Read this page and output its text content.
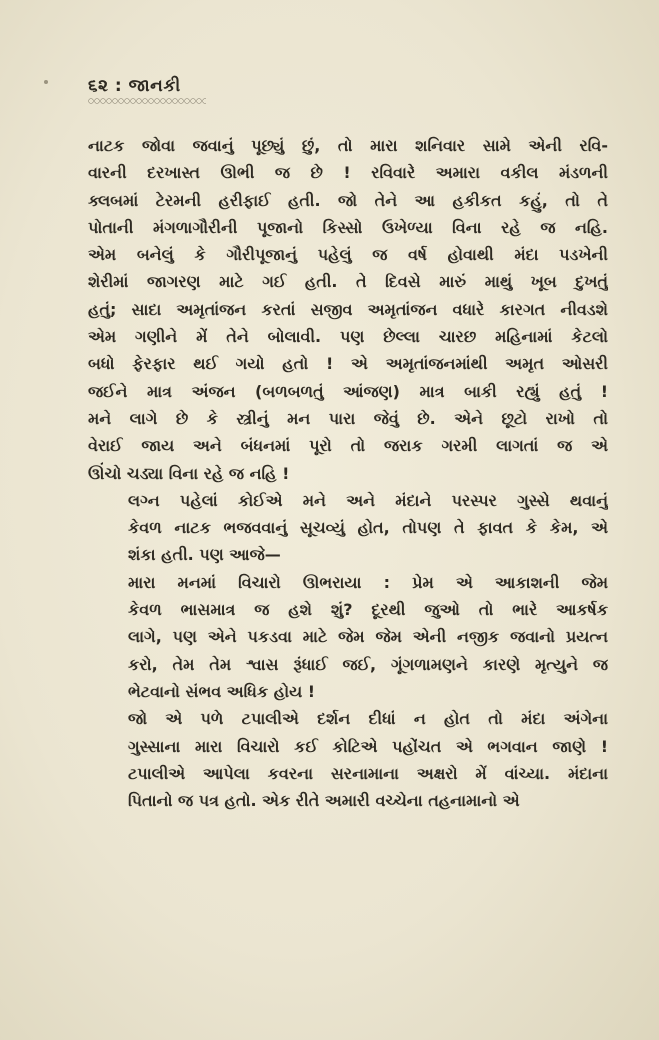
૬૨ : જાનકી

નાટક જોવા જવાનું પૂછ્યું છું, તો મારા શનિવાર સામે એની રવિ-
વારની દરખાસ્ત ઊભી જ છે ! રવિવારે અમારા વકીલ મંડળની
ક્લબમાં ટેરમની હરીફાઈ હતી. જો તેને આ હકીકત કહું, તો તે
પોતાની મંગળાગૌરીની પૂજાનો કિસ્સો ઉખેળ્યા વિના રહે જ નહિ.
એમ બનેલું કે ગૌરીપૂજાનું પહેલું જ વર્ષ હોવાથી મંદા પડખેની
શેરીમાં જાગરણ માટે ગઈ હતી. તે દિવસે મારું માથું ખૂબ દુખતું
હતું; સાદા અમૃતાંજન કરતાં સજીવ અમૃતાંજન વધારે કારગત નીવડશે
એમ ગણીને મેં તેને બોલાવી. પણ છેલ્લા ચારછ મહિનામાં કેટલો
બધો ફેરફાર થઈ ગયો હતો ! એ અમૃતાંજનમાંથી અમૃત ઓસરી
જઈને માત્ર અંજન (બળબળતું આંજણ) માત્ર બાકી રહ્યું હતું !
મને લાગે છે કે સ્ત્રીનું મન પારા જેવું છે. એને છૂટો રાખો તો
વેરાઈ જાય અને બંધનમાં પૂરો તો જરાક ગરમી લાગતાં જ એ
ઊંચો ચડ્યા વિના રહે જ નહિ !

લગ્ન પહેલાં કોઈએ મને અને મંદાને પરસ્પર ગુસ્સે થવાનું
કેવળ નાટક ભજવવાનું સૂચવ્યું હોત, તોપણ તે ફાવત કે કેમ, એ
શંકા હતી. પણ આજે—

મારા મનમાં વિચારો ઊભરાયા : પ્રેમ એ આકાશની જેમ
કેવળ ભાસમાત્ર જ હશે શું? દૂરથી જુઓ તો ભારે આકર્ષક
લાગે, પણ એને પકડવા માટે જેમ જેમ એની નજીક જવાનો પ્રયત્ન
કરો, તેમ તેમ શ્વાસ રૂંધાઈ જઈ, ગૂંગળામણને કારણે મૃત્યુને જ
ભેટવાનો સંભવ અધિક હોય !

જો એ પળે ટપાલીએ દર્શન દીધાં ન હોત તો મંદા અંગેના
ગુસ્સાના મારા વિચારો કઈ કોટિએ પહોંચત એ ભગવાન જાણે !
ટપાલીએ આપેલા કવરના સરનામાના અક્ષરો મેં વાંચ્યા. મંદાના
પિતાનો જ પત્ર હતો. એક રીતે અમારી વચ્ચેના તહનામાનો એ
